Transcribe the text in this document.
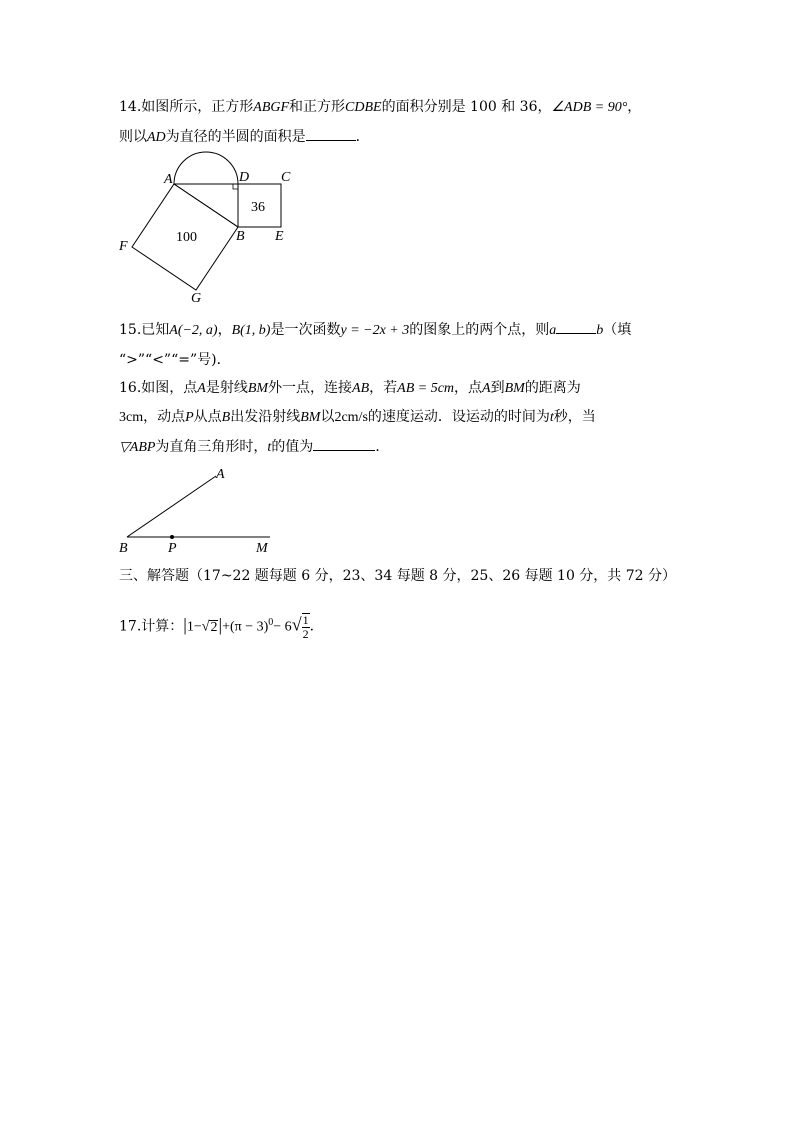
14.如图所示，正方形ABGF和正方形CDBE的面积分别是 100 和 36，∠ADB = 90°，
则以AD为直径的半圆的面积是	．
A	D C
B E
F
G
100
36
15.已知A(−2, a)，B(1, b)是一次函数y = −2x + 3的图象上的两个点，则a	b（填
“>”“<”“=”号)．
16.如图，点A是射线BM外一点，连接AB，若AB = 5cm，点A到BM的距离为
3cm，动点P从点B出发沿射线BM以2cm/s的速度运动．设运动的时间为t秒，当
▽ABP为直角三角形时，t的值为	．
A
B	P	M
三、解答题（17~22 题每题 6 分，23、34 每题 8 分，25、26 每题 10 分，共 72 分）
17.计算：$|1-√2|+(\pi - 3)^0- 6√ \frac{1}{2}$ ．
